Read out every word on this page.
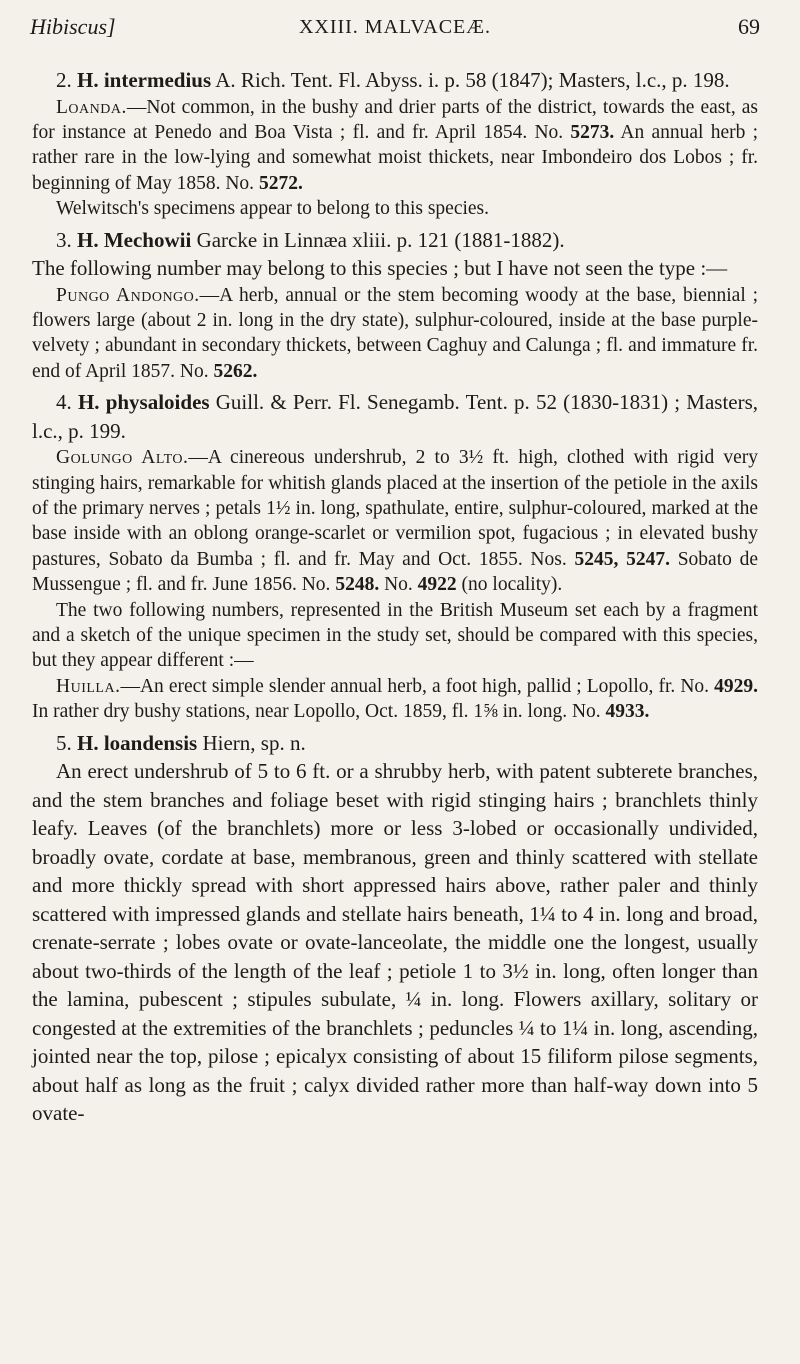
Hibiscus]	XXIII. MALVACEÆ.	69

2. H. intermedius A. Rich. Tent. Fl. Abyss. i. p. 58 (1847); Masters, l.c., p. 198.

Loanda.—Not common, in the bushy and drier parts of the district, towards the east, as for instance at Penedo and Boa Vista ; fl. and fr. April 1854. No. 5273. An annual herb ; rather rare in the low-lying and somewhat moist thickets, near Imbondeiro dos Lobos ; fr. beginning of May 1858. No. 5272.

Welwitsch's specimens appear to belong to this species.

3. H. Mechowii Garcke in Linnæa xliii. p. 121 (1881-1882).

The following number may belong to this species ; but I have not seen the type :—

Pungo Andongo.—A herb, annual or the stem becoming woody at the base, biennial ; flowers large (about 2 in. long in the dry state), sulphur-coloured, inside at the base purple-velvety ; abundant in secondary thickets, between Caghuy and Calunga ; fl. and immature fr. end of April 1857. No. 5262.

4. H. physaloides Guill. & Perr. Fl. Senegamb. Tent. p. 52 (1830-1831) ; Masters, l.c., p. 199.

Golungo Alto.—A cinereous undershrub, 2 to 3½ ft. high, clothed with rigid very stinging hairs, remarkable for whitish glands placed at the insertion of the petiole in the axils of the primary nerves ; petals 1½ in. long, spathulate, entire, sulphur-coloured, marked at the base inside with an oblong orange-scarlet or vermilion spot, fugacious ; in elevated bushy pastures, Sobato da Bumba ; fl. and fr. May and Oct. 1855. Nos. 5245, 5247. Sobato de Mussengue ; fl. and fr. June 1856. No. 5248. No. 4922 (no locality).

The two following numbers, represented in the British Museum set each by a fragment and a sketch of the unique specimen in the study set, should be compared with this species, but they appear different :—

Huilla.—An erect simple slender annual herb, a foot high, pallid ; Lopollo, fr. No. 4929. In rather dry bushy stations, near Lopollo, Oct. 1859, fl. 1⅝ in. long. No. 4933.

5. H. loandensis Hiern, sp. n.

An erect undershrub of 5 to 6 ft. or a shrubby herb, with patent subterete branches, and the stem branches and foliage beset with rigid stinging hairs ; branchlets thinly leafy. Leaves (of the branchlets) more or less 3-lobed or occasionally undivided, broadly ovate, cordate at base, membranous, green and thinly scattered with stellate and more thickly spread with short appressed hairs above, rather paler and thinly scattered with impressed glands and stellate hairs beneath, 1¼ to 4 in. long and broad, crenate-serrate ; lobes ovate or ovate-lanceolate, the middle one the longest, usually about two-thirds of the length of the leaf ; petiole 1 to 3½ in. long, often longer than the lamina, pubescent ; stipules subulate, ¼ in. long. Flowers axillary, solitary or congested at the extremities of the branchlets ; peduncles ¼ to 1¼ in. long, ascending, jointed near the top, pilose ; epicalyx consisting of about 15 filiform pilose segments, about half as long as the fruit ; calyx divided rather more than half-way down into 5 ovate-
